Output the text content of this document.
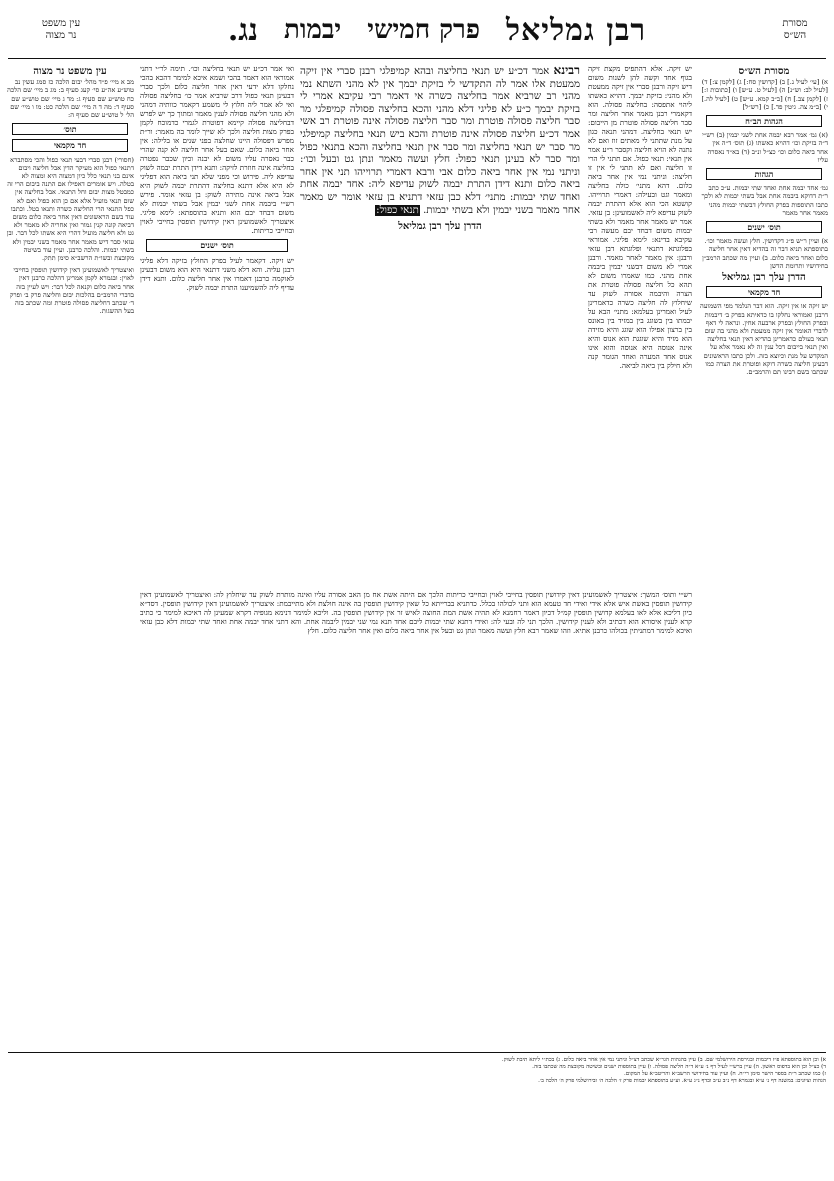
מסורת
הש״ס
רבן גמליאל
פרק חמישי
יבמות
נג.
עין משפט
נר מצוה
מסורת הש״ס
א) [עי׳ לעיל נ.] ב) [קדושין סח:] ג) [לקמן צ:] ד) [לעיל לב: וש״נ] ה) [לעיל ט. ע״ש] ו) [כתובות ז:] ז) [לקמן צב.] ח) [ב״ב קמא. ע״ש] ט) [לעיל לה.] י) [ב״מ צה. גיטין פד.] כ) [רש״ל]
הגהות הב״ח
(א) גמ׳ אמר רבא יבמה אחת לשני יבמין (ב) רש״י ד״ה בזיקת וכו׳ דהויא כאשתו (ג) תוס׳ ד״ה אין אחר ביאה כלום וכו׳ כצ״ל ונ״ב (ד) בא״ד נאסרה עליו
הגהות
גמ׳ אחד יבמה אחת ואחד שתי יבמות. ע״כ כתב ר״ת דדוקא ביבמה אחת אבל בשתי יבמות לא ולכך כתבו התוספות בפרק החולץ דבשתי יבמות מהני מאמר אחר מאמר
תוס׳ ישנים
א) ועיין ר״ש פ״ג דקדושין. חלץ ועשה מאמר וכו׳. בתוספתא תניא דבר זה בהדיא דאין אחר חליצה כלום ואחר ביאה כלום. ב) ועיין מה שכתב הרמב״ן בחידושיו ותרומת הדשן
הדרן עלך רבן גמליאל
חד מקמאי
יש זיקה או אין זיקה. הוא דבר הנלמד מפי השמועה דרבנן ואמוראי נחלקו בו כדאיתא בפרק ב׳ דיבמות ובפרק החולץ ובפרק ארבעה אחין. ונראה לי דאף לדברי האומר אין זיקה ממעטת ולא מהני בה שום תנאי בעולם כדאמרינן בהדיא דאין תנאי בחליצה ואין תנאי בייבום דכל ענין זה לא נאמר אלא על המקדש על מנת וכיוצא בזה. ולכן כתבו הראשונים דבעינן חליצה כשרה דוקא ופוטרת את הצרה כמו שכתבו בשם רבינו תם והרמב״ם.
יש זיקה. אלא דהתפיס מקצת זיקה בגוף אחד וקשה להן לשנות משום דיש זיקה ורבנן סברי אין זיקה ממעטת ולא מהני: בזיקת יבמך. דהויא כאשתו ליהוי אתפסה: בחליצה פסולה. הוא דקאמרי רבנן מאמר אחר חליצה ומר סבר חליצה פסולה פוטרת מן הייבום: יש תנאי בחליצה. דמהני תנאה כגון על מנת שתתני לי מאתים זוז ואם לא נתנה לא הויא חליצה וקסבר ר״ע אמר אין תנאי: תנאי כפול. אם תתני לי הרי זו חליצה ואם לא תתני לי אין זו חליצה: וניתני נמי אין אחר ביאה כלום. דהא מתני׳ כולה בחליצה ומאמר וגט ובעילה: דאמרי תרוייהו. קושטא הכי הוא אלא דהתרת יבמה לשוק עדיפא ליה לאשמועינן: בן עזאי. אמר יש מאמר אחר מאמר ולא בשתי יבמות משום דבחד יבם מעשה רבי עקיבא בדינא: לימא פליגי. אמוראי בפלוגתא דתנאי ופלוגתא דבן עזאי ורבנן: אין מאמר לאחר מאמר. ורבנן אמרי לא משום דבשני יבמין ביבמה אחת מהני. כמו שאמרו משום לא תהא כל חליצה פסולה פוטרת את הצרה והיבמה אסורה לשוק עד שיחלוץ לה חליצה כשרה כדאמרינן לעיל ואמרינן בעלמא: מתני׳ הבא על יבמתו בין בשוגג בין במזיד בין באונס בין ברצון אפילו הוא שוגג והיא מזידה הוא מזיד והיא שוגגת הוא אנוס והיא אינה אנוסה היא אנוסה והוא אינו אנוס אחד המערה ואחד הגומר קנה ולא חילק בין ביאה לביאה.
רבינא אמר דכ״ע יש תנאי בחליצה ובהא קמיפלגי רבנן סברי אין זיקה ממעטת אלו אמר לה התקדשי לי בזיקת יבמך אין לא מהני השתא נמי מהני רב שרביא אמר בחליצה כשרה אי דאמר רבי עקיבא אמרי לי בזיקת יבמך כ״ע לא פליגי דלא מהני והכא בחליצה פסולה קמיפלגי מר סבר חליצה פסולה פוטרת ומר סבר חליצה פסולה אינה פוטרת רב אשי אמר דכ״ע חליצה פסולה אינה פוטרת והכא ביש תנאי בחליצה קמיפלגי מר סבר יש תנאי בחליצה ומר סבר אין תנאי בחליצה והכא בתנאי כפול ומר סבר לא בעינן תנאי כפול: חלץ ועשה מאמר ונתן גט ובעל וכו׳: וניתני נמי אין אחר ביאה כלום אבי ורבא דאמרי תרוייהו תני אין אחר ביאה כלום ותנא דידן התרת יבמה לשוק עדיפא ליה: אחד יבמה אחת ואחד שתי יבמות: מתני׳ דלא כבן עזאי דתניא בן עזאי אומר יש מאמר אחר מאמר בשני יבמין ולא בשתי יבמות. תנאי כפול:
הדרן עלך רבן גמליאל
ואי אמר דכ״ע יש תנאי בחליצה וכו׳. תימה לר״י דתני אמוראי הוא דאמר בהכי ושמא איכא למימר דהכא בהכי נחלקו דלא ידעי דאין אחר חליצה כלום ולכך סברי דבעינן תנאי כפול דרב שרביא אמר כו׳ בחליצה פסולה ואי לא אמר ליה חלוץ לי משמע דקאמר כוותיה דמהני ולא מהני חליצה פסולה לענין מאמר ומתוך כך יש לפרש דבחליצה פסולה קיימא דפוטרת לגמרי כדמוכח לקמן בפרק מצות חליצה ולכך לא שייך לומר בה מאמר: ור״ת מפרש דפסולה היינו שחלצה בפני שנים או בלילה: אין אחר ביאה כלום. שאם בעל אחר חליצה לא קנה שהרי כבר נאסרה עליו משום לא יבנה וכיון שכבר נפטרה בחליצה אינה חוזרת לזיקה: ותנא דידן התרת יבמה לשוק עדיפא ליה. פירוש וכי מפני שלא תני ביאה הוא דפליגי לא היא אלא דתנא בחליצה דהתרת יבמה לשוק היא אבל ביאה אינה מתירה לשוק: בן עזאי אומר. פירש רש״י ביבמה אחת לשני יבמין אבל בשתי יבמות לא משום דבחד יבם הוא ותניא בתוספתא: לימא פליגי. איצטריך לאשמועינן דאין קידושין תופסין בחייבי לאוין ובחייבי כריתות.
תוס׳ ישנים
יש זיקה. דקאמר לעיל בפרק החולץ בזיקה דלא פליגי רבנן עליה. והא דלא משני דתנאי היא הוא משום דבעינן לאוקמה כרבנן דאמרו אין אחר חליצה כלום. ותנא דידן עדיף ליה להשמיענו התרת יבמה לשוק.
רש״י ותוס׳ המשך: איצטריך לאשמועינן דאין קידושין תופסין בחייבי לאוין ובחייבי כריתות הלכך אם היתה אשת אח מן האב אסורה עליו ואינה מותרת לשוק עד שיחלוץ לה: ואיצטריך לאשמועינן דאין קידושין תופסין באשת איש אלא אידי ואידי חד טעמא הוא ותני לכולהו בכלל. כדתניא בברייתא כל שאין קידושין תופסין בה אינה חולצת ולא מתייבמת: איצטריך לאשמועינן דאין קידושין תופסין. דסד״א כיון דליכא אלא לאו בעלמא קדושין תופסין קמ״ל דכיון דאמר רחמנא לא תהיה אשת המת החוצה לאיש זר אין קידושין תופסין בה. וליכא למימר דנימא מגופיה דקרא שמעינן לה דאיכא למימר כי כתיב קרא לענין איסורא הוא דכתיב ולא לענין קידושין. הלכך תני לה ובעי לה: ואידי דתנא שתי יבמות ליבם אחד תנא נמי שני יבמין ליבמה אחת. והא דתני אחד יבמה אחת ואחד שתי יבמות דלא כבן עזאי ואיכא למימר דמתניתין בכולהו כרבנן אתיא. וזהו שאמר רבא חלץ ועשה מאמר ונתן גט ובעל אין אחר ביאה כלום ואין אחר חליצה כלום. חלץ
עין משפט נר מצוה
מב א מיי׳ פ״ד מהל׳ יבום הלכה כז סמג עשין נב טוש״ע אה״ע סי׳ קעג סעיף ב: מג ב מיי׳ שם הלכה כח טוש״ע שם סעיף ג: מד ג מיי׳ שם טוש״ע שם סעיף ד: מה ד ה מיי׳ שם הלכה כט: מו ו מיי׳ שם הל׳ ל טוש״ע שם סעיף ה:
תוס׳
חד מקמאי
(חסורי) רבנן סברי דבעי תנאי כפול והכי מסתברא דתנאי כפול הוא מעיקר הדין אבל חליצה ויבום אינם בני תנאי כלל כיון דמצוה היא ומצוה לא בטלה. ויש אומרים דאפילו אם התנה ביבום הרי זה כמבטל מצות יבום וחל התנאי. אבל בחליצה אין שום תנאי מועיל אלא אם כן הוא כפול ואם לא כפל התנאי הרי החליצה כשרה ותנאו בטל. וכתבו עוד בשם הראשונים דאין אחר ביאה כלום משום דביאה קונה קנין גמור ואין אחריה לא מאמר ולא גט ולא חליצה מועיל דהרי היא אשתו לכל דבר. ובן עזאי סבר דיש מאמר אחר מאמר בשני יבמין ולא בשתי יבמות. והלכה כרבנן. ועיין עוד בשיטה מקובצת ובשו״ת הרשב״א סימן תתק.
ואיצטריך לאשמועינן דאין קידושין תופסין בחייבי לאוין: ובגמרא לקמן אמרינן דהלכה כרבנן דאין אחר ביאה כלום וקנאה לכל דבר: ויש לעיין בזה בדברי הרמב״ם בהלכות יבום וחליצה פרק ב׳ ופרק ד׳ שכתב דחליצה פסולה פוטרת ומה שכתב בזה בעל ההשגות.
א) וכן הוא בתוספתא פ״ז דיבמות ובגירסת הירושלמי שם. ב) עיין בהגהות הגר״א שכתב דצ״ל וניתני נמי אין אחר ביאה כלום. ג) בכת״י ליתא תיבת לשוק.
ד) כצ״ל וכן הוא בדפוס ראשון. ה) עיין ברש״י לעיל דף נ׳ ע״א ד״ה חליצה פסולה. ו) עיין בתוספות ישנים ובשיטה מקובצת מה שכתבו בזה.
ז) כמו שכתב ר״ת בספר הישר סימן רי״ח. ח) ועיין עוד בחידושי הרשב״א והריטב״א על המקום.
הגהות וציונים: במשנה דף נ׳ ע״א ובגמרא דף נ״ב ע״ב ובדף נ״ג ע״א. וע״ע בתוספתא יבמות פרק ז׳ הלכה ה׳ ובירושלמי פרק ה׳ הלכה ב׳.
